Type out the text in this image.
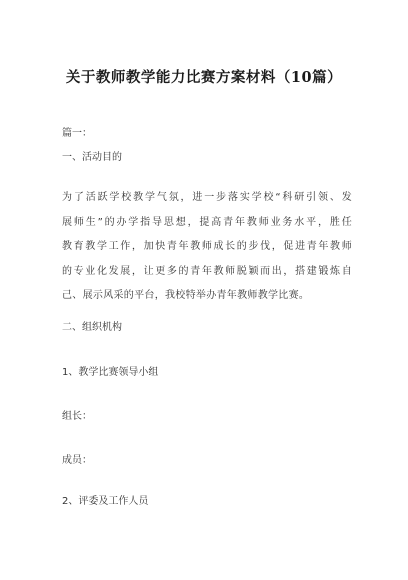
关于教师教学能力比赛方案材料（10篇）
篇一：
一、活动目的
为了活跃学校教学气氛，进一步落实学校“科研引领、发
展师生”的办学指导思想，提高青年教师业务水平，胜任
教育教学工作，加快青年教师成长的步伐，促进青年教师
的专业化发展，让更多的青年教师脱颖而出，搭建锻炼自
己、展示风采的平台，我校特举办青年教师教学比赛。
二、组织机构
1、教学比赛领导小组
组长：
成员：
2、评委及工作人员
